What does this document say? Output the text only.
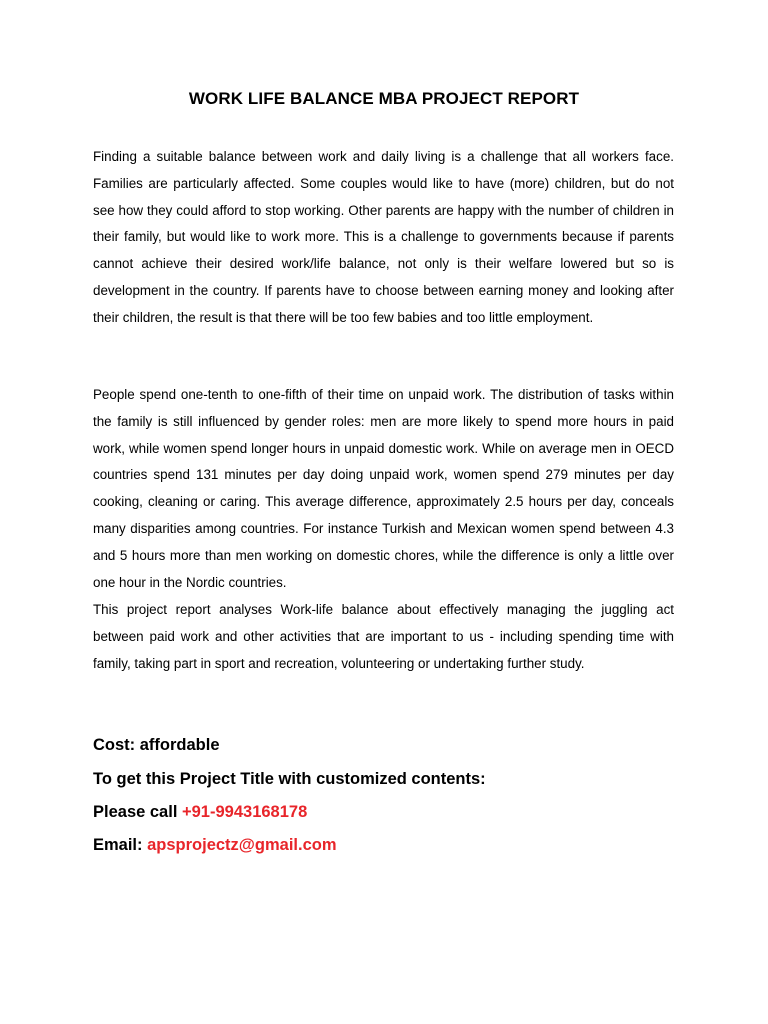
WORK LIFE BALANCE MBA PROJECT REPORT

Finding a suitable balance between work and daily living is a challenge that all workers face. Families are particularly affected. Some couples would like to have (more) children, but do not see how they could afford to stop working. Other parents are happy with the number of children in their family, but would like to work more. This is a challenge to governments because if parents cannot achieve their desired work/life balance, not only is their welfare lowered but so is development in the country. If parents have to choose between earning money and looking after their children, the result is that there will be too few babies and too little employment.

People spend one-tenth to one-fifth of their time on unpaid work. The distribution of tasks within the family is still influenced by gender roles: men are more likely to spend more hours in paid work, while women spend longer hours in unpaid domestic work. While on average men in OECD countries spend 131 minutes per day doing unpaid work, women spend 279 minutes per day cooking, cleaning or caring. This average difference, approximately 2.5 hours per day, conceals many disparities among countries. For instance Turkish and Mexican women spend between 4.3 and 5 hours more than men working on domestic chores, while the difference is only a little over one hour in the Nordic countries.

This project report analyses Work-life balance about effectively managing the juggling act between paid work and other activities that are important to us - including spending time with family, taking part in sport and recreation, volunteering or undertaking further study.

Cost: affordable
To get this Project Title with customized contents:
Please call +91-9943168178
Email: apsprojectz@gmail.com
